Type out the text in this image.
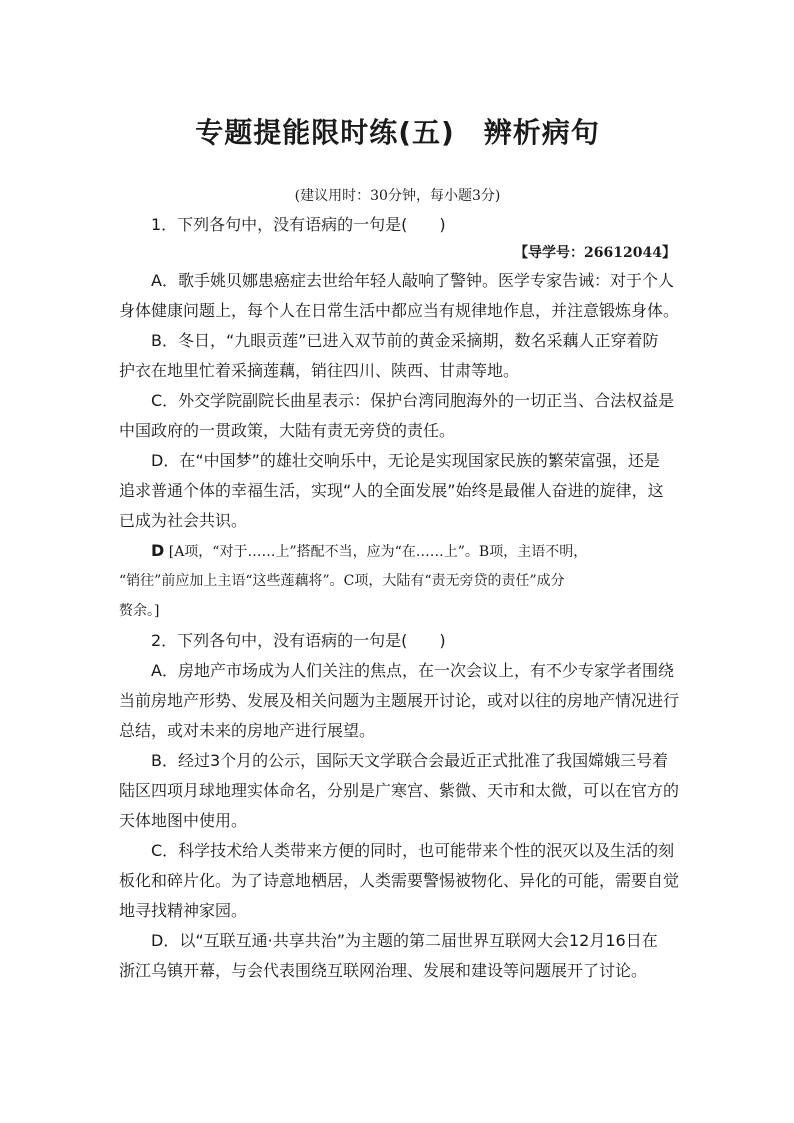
专题提能限时练(五)　辨析病句
(建议用时：30分钟，每小题3分)
1．下列各句中，没有语病的一句是(　　)
【导学号：26612044】
A．歌手姚贝娜患癌症去世给年轻人敲响了警钟。医学专家告诫：对于个人
身体健康问题上，每个人在日常生活中都应当有规律地作息，并注意锻炼身体。
B．冬日，“九眼贡莲”已进入双节前的黄金采摘期，数名采藕人正穿着防
护衣在地里忙着采摘莲藕，销往四川、陕西、甘肃等地。
C．外交学院副院长曲星表示：保护台湾同胞海外的一切正当、合法权益是
中国政府的一贯政策，大陆有责无旁贷的责任。
D．在“中国梦”的雄壮交响乐中，无论是实现国家民族的繁荣富强，还是
追求普通个体的幸福生活，实现“人的全面发展”始终是最催人奋进的旋律，这
已成为社会共识。
D [A项，“对于……上”搭配不当，应为“在……上”。B项，主语不明，
“销往”前应加上主语“这些莲藕将”。C项，大陆有“责无旁贷的责任”成分
赘余。]
2．下列各句中，没有语病的一句是(　　)
A．房地产市场成为人们关注的焦点，在一次会议上，有不少专家学者围绕
当前房地产形势、发展及相关问题为主题展开讨论，或对以往的房地产情况进行
总结，或对未来的房地产进行展望。
B．经过3个月的公示，国际天文学联合会最近正式批准了我国嫦娥三号着
陆区四项月球地理实体命名，分别是广寒宫、紫微、天市和太微，可以在官方的
天体地图中使用。
C．科学技术给人类带来方便的同时，也可能带来个性的泯灭以及生活的刻
板化和碎片化。为了诗意地栖居，人类需要警惕被物化、异化的可能，需要自觉
地寻找精神家园。
D．以“互联互通·共享共治”为主题的第二届世界互联网大会12月16日在
浙江乌镇开幕，与会代表围绕互联网治理、发展和建设等问题展开了讨论。
